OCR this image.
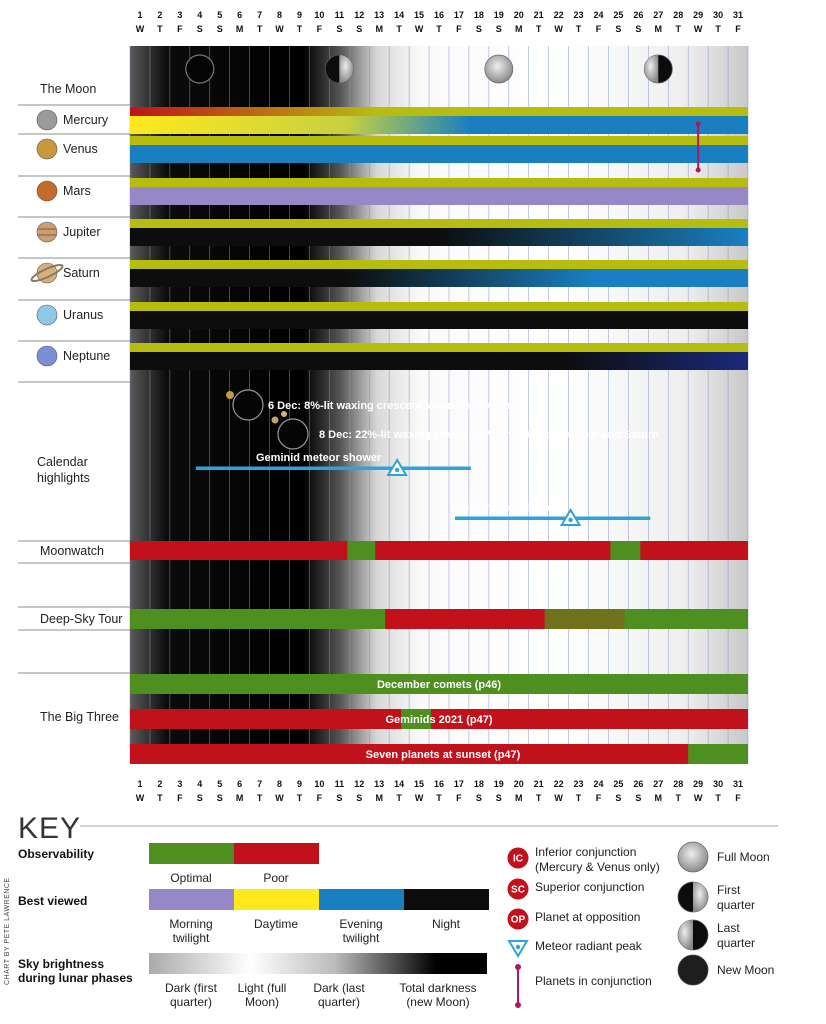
1
W
2
T
3
F
4
S
5
S
6
M
7
T
8
W
9
T
10
F
11
S
12
S
13
M
14
T
15
W
16
T
17
F
18
S
19
S
20
M
21
T
22
W
23
T
24
F
25
S
26
S
27
M
28
T
29
W
30
T
31
F
1
W
2
T
3
F
4
S
5
S
6
M
7
T
8
W
9
T
10
F
11
S
12
S
13
M
14
T
15
W
16
T
17
F
18
S
19
S
20
M
21
T
22
W
23
T
24
F
25
S
26
S
27
M
28
T
29
W
30
T
31
F
The Moon
Mercury
Venus
Mars
Jupiter
Saturn
Uranus
Neptune
Calendar
highlights
6 Dec: 8%-lit waxing crescent Moon near Venus
8 Dec: 22%-lit waxing crescent Moon between Jupiter and Saturn
Geminid meteor shower
Ursid meteor shower
Moonwatch
Deep-Sky Tour
The Big Three
December comets (p46)
Geminids 2021 (p47)
Seven planets at sunset (p47)
KEY
Observability
Optimal	Poor
Best viewed
Morning
twilight
Daytime	Evening
twilight
Night
Sky brightness
during lunar phases
Dark (first
quarter)
Light (full
Moon)
Dark (last
quarter)
Total darkness
(new Moon)
IC Inferior conjunction
(Mercury & Venus only)
SC Superior conjunction
OP Planet at opposition
Meteor radiant peak
Planets in conjunction
Full Moon
First
quarter
Last
quarter
New Moon
CHART BY PETE LAWRENCE
